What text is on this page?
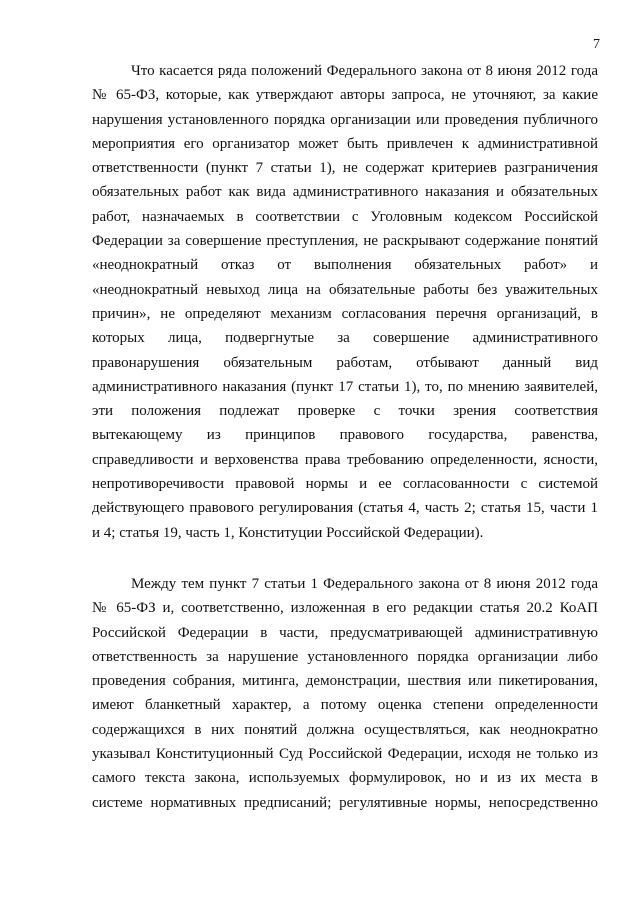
7
Что касается ряда положений Федерального закона от 8 июня 2012 года
№ 65-ФЗ, которые, как утверждают авторы запроса, не уточняют, за какие
нарушения установленного порядка организации или проведения публичного
мероприятия его организатор может быть привлечен к административной
ответственности (пункт 7 статьи 1), не содержат критериев разграничения
обязательных работ как вида административного наказания и обязательных
работ, назначаемых в соответствии с Уголовным кодексом Российской
Федерации за совершение преступления, не раскрывают содержание понятий
«неоднократный отказ от выполнения обязательных работ» и
«неоднократный невыход лица на обязательные работы без уважительных
причин», не определяют механизм согласования перечня организаций, в
которых лица, подвергнутые за совершение административного
правонарушения обязательным работам, отбывают данный вид
административного наказания (пункт 17 статьи 1), то, по мнению заявителей,
эти положения подлежат проверке с точки зрения соответствия
вытекающему из принципов правового государства, равенства,
справедливости и верховенства права требованию определенности, ясности,
непротиворечивости правовой нормы и ее согласованности с системой
действующего правового регулирования (статья 4, часть 2; статья 15, части 1
и 4; статья 19, часть 1, Конституции Российской Федерации).
Между тем пункт 7 статьи 1 Федерального закона от 8 июня 2012 года
№ 65-ФЗ и, соответственно, изложенная в его редакции статья 20.2 КоАП
Российской Федерации в части, предусматривающей административную
ответственность за нарушение установленного порядка организации либо
проведения собрания, митинга, демонстрации, шествия или пикетирования,
имеют бланкетный характер, а потому оценка степени определенности
содержащихся в них понятий должна осуществляться, как неоднократно
указывал Конституционный Суд Российской Федерации, исходя не только из
самого текста закона, используемых формулировок, но и из их места в
системе нормативных предписаний; регулятивные нормы, непосредственно
